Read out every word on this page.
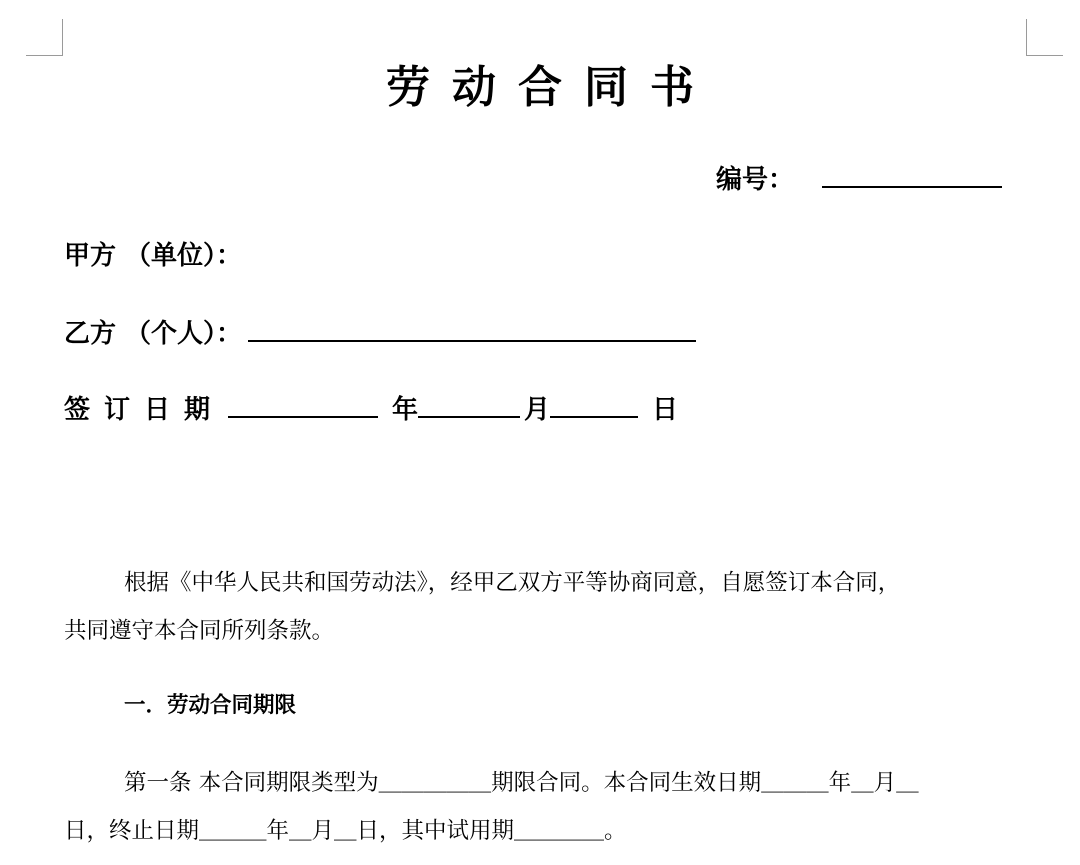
劳动合同书
编号：
甲方 （单位）：
乙方 （个人）：
签订日期	年	月	日
根据《中华人民共和国劳动法》，经甲乙双方平等协商同意，自愿签订本合同，
共同遵守本合同所列条款。
一．劳动合同期限
第一条 本合同期限类型为＿＿＿＿＿期限合同。本合同生效日期＿＿＿年＿月＿
日，终止日期＿＿＿年＿月＿日，其中试用期＿＿＿＿。
